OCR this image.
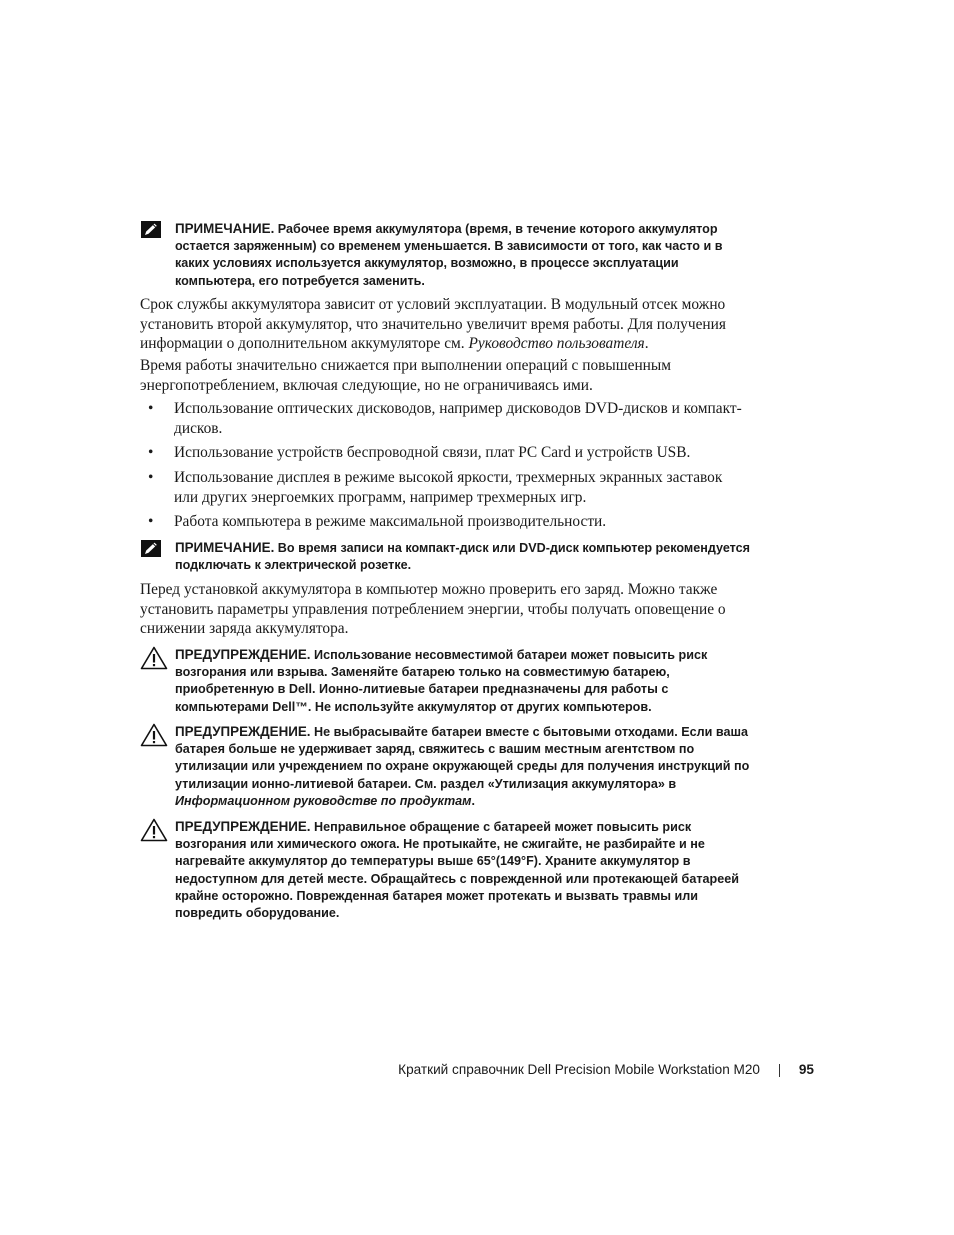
ПРИМЕЧАНИЕ. Рабочее время аккумулятора (время, в течение которого аккумулятор остается заряженным) со временем уменьшается. В зависимости от того, как часто и в каких условиях используется аккумулятор, возможно, в процессе эксплуатации компьютера, его потребуется заменить.

Срок службы аккумулятора зависит от условий эксплуатации. В модульный отсек можно установить второй аккумулятор, что значительно увеличит время работы. Для получения информации о дополнительном аккумуляторе см. Руководство пользователя.

Время работы значительно снижается при выполнении операций с повышенным энергопотреблением, включая следующие, но не ограничиваясь ими.

• Использование оптических дисководов, например дисководов DVD-дисков и компакт-дисков.
• Использование устройств беспроводной связи, плат PC Card и устройств USB.
• Использование дисплея в режиме высокой яркости, трехмерных экранных заставок или других энергоемких программ, например трехмерных игр.
• Работа компьютера в режиме максимальной производительности.
ПРИМЕЧАНИЕ. Во время записи на компакт-диск или DVD-диск компьютер рекомендуется подключать к электрической розетке.

Перед установкой аккумулятора в компьютер можно проверить его заряд. Можно также установить параметры управления потреблением энергии, чтобы получать оповещение о снижении заряда аккумулятора.

ПРЕДУПРЕЖДЕНИЕ. Использование несовместимой батареи может повысить риск возгорания или взрыва. Заменяйте батарею только на совместимую батарею, приобретенную в Dell. Ионно-литиевые батареи предназначены для работы с компьютерами Dell™. Не используйте аккумулятор от других компьютеров.
ПРЕДУПРЕЖДЕНИЕ. Не выбрасывайте батареи вместе с бытовыми отходами. Если ваша батарея больше не удерживает заряд, свяжитесь с вашим местным агентством по утилизации или учреждением по охране окружающей среды для получения инструкций по утилизации ионно-литиевой батареи. См. раздел «Утилизация аккумулятора» в Информационном руководстве по продуктам.
ПРЕДУПРЕЖДЕНИЕ. Неправильное обращение с батареей может повысить риск возгорания или химического ожога. Не протыкайте, не сжигайте, не разбирайте и не нагревайте аккумулятор до температуры выше 65°(149°F). Храните аккумулятор в недоступном для детей месте. Обращайтесь с поврежденной или протекающей батареей крайне осторожно. Поврежденная батарея может протекать и вызвать травмы или повредить оборудование.
Краткий справочник Dell Precision Mobile Workstation M20	95
